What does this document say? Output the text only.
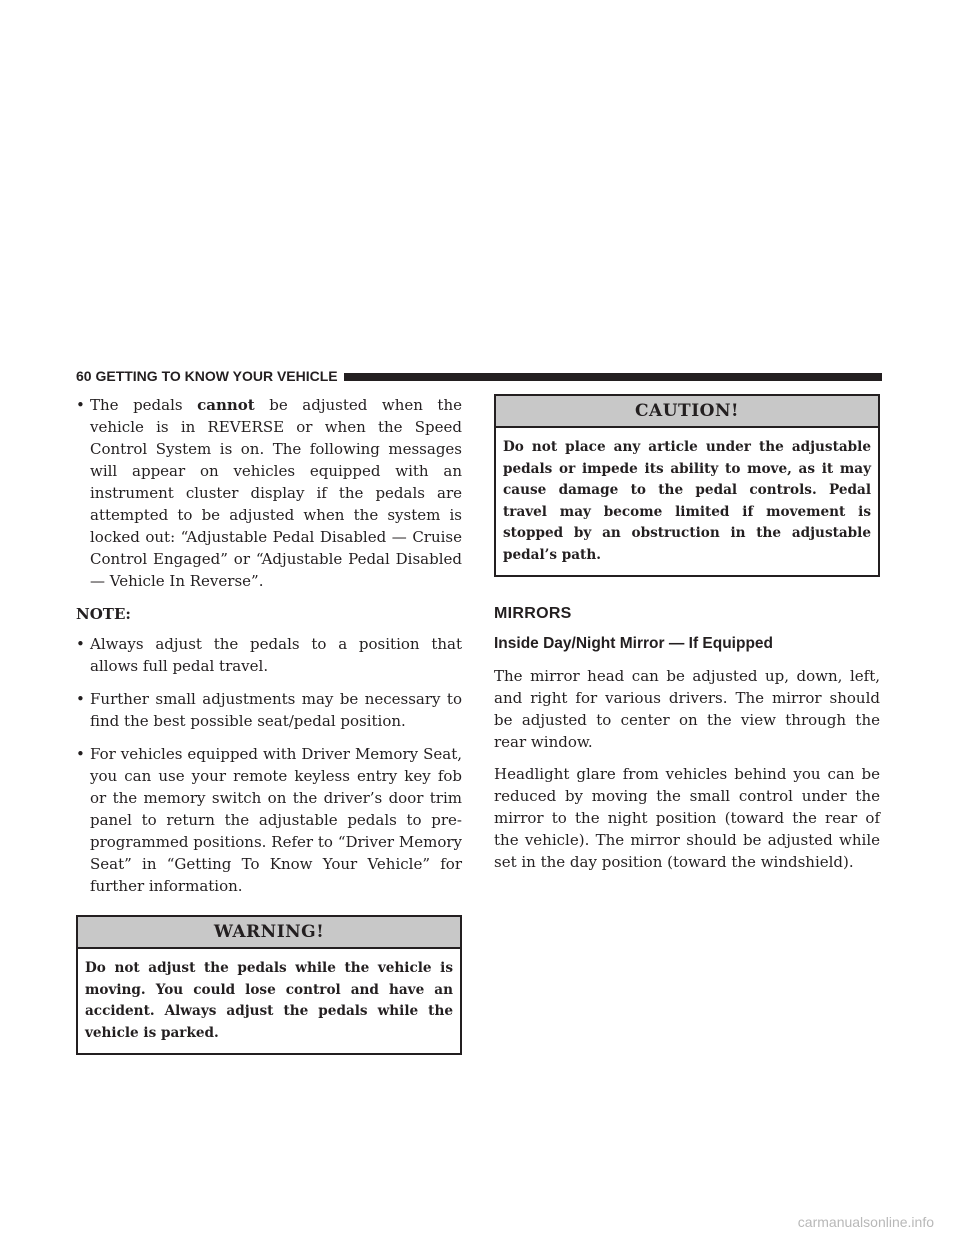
60 GETTING TO KNOW YOUR VEHICLE
• The pedals cannot be adjusted when the vehicle is in REVERSE or when the Speed Control System is on. The following messages will appear on vehicles equipped with an instrument cluster display if the pedals are attempted to be adjusted when the system is locked out: “Adjustable Pedal Disabled — Cruise Control Engaged” or “Adjustable Pedal Disabled — Vehicle In Reverse”.
NOTE:
• Always adjust the pedals to a position that allows full pedal travel.
• Further small adjustments may be necessary to find the best possible seat/pedal position.
• For vehicles equipped with Driver Memory Seat, you can use your remote keyless entry key fob or the memory switch on the driver’s door trim panel to return the adjustable pedals to pre-programmed positions. Refer to “Driver Memory Seat” in “Getting To Know Your Vehicle” for further information.
WARNING!
Do not adjust the pedals while the vehicle is moving. You could lose control and have an accident. Always adjust the pedals while the vehicle is parked.
CAUTION!
Do not place any article under the adjustable pedals or impede its ability to move, as it may cause damage to the pedal controls. Pedal travel may become limited if movement is stopped by an obstruction in the adjustable pedal’s path.
MIRRORS
Inside Day/Night Mirror — If Equipped

The mirror head can be adjusted up, down, left, and right for various drivers. The mirror should be adjusted to center on the view through the rear window.

Headlight glare from vehicles behind you can be reduced by moving the small control under the mirror to the night position (toward the rear of the vehicle). The mirror should be adjusted while set in the day position (toward the windshield).

carmanualsonline.info
